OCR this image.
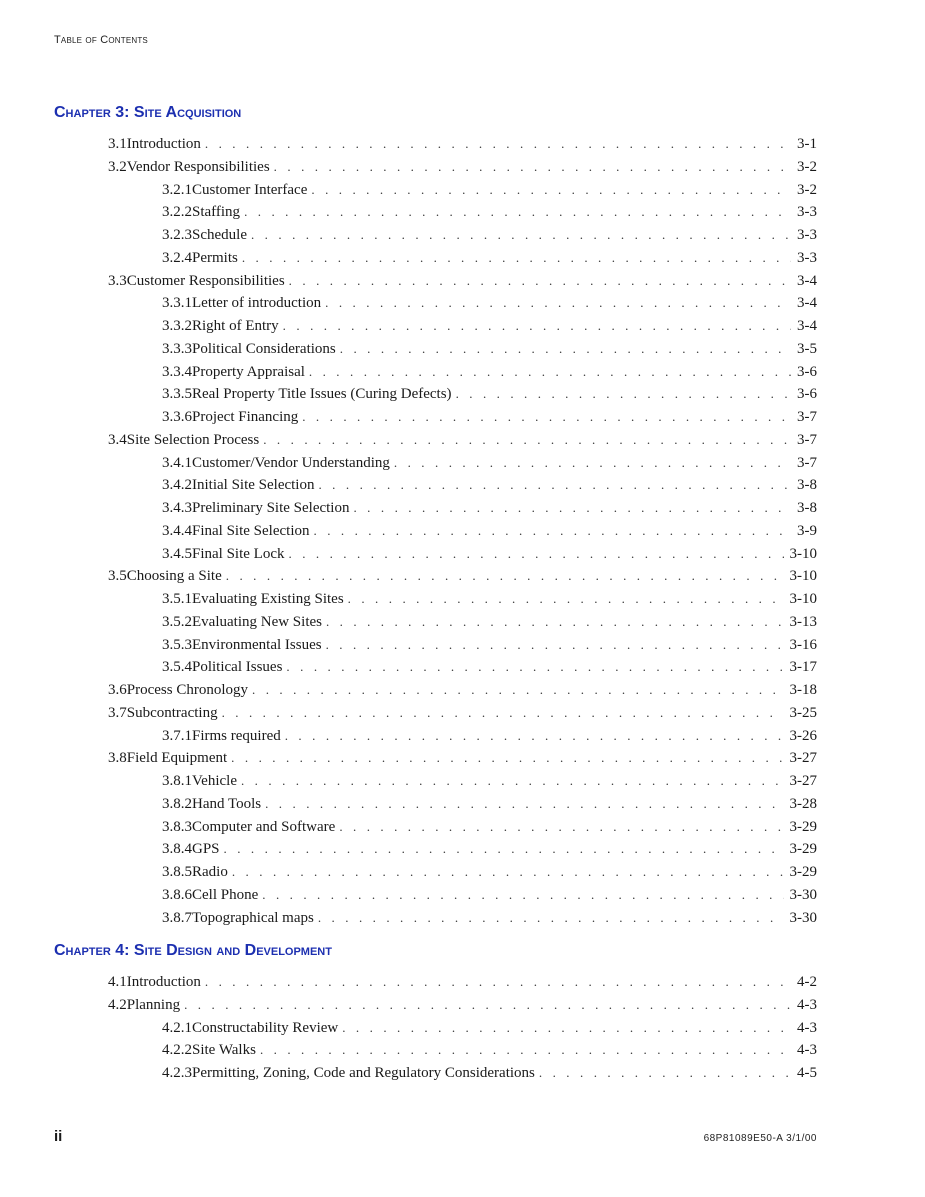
Table of Contents
Chapter 3: Site Acquisition
3.1 Introduction . . .	3-1
3.2 Vendor Responsibilities . . .	3-2
3.2.1 Customer Interface . . .	3-2
3.2.2 Staffing . . .	3-3
3.2.3 Schedule . . .	3-3
3.2.4 Permits . . .	3-3
3.3 Customer Responsibilities . . .	3-4
3.3.1 Letter of introduction . . .	3-4
3.3.2 Right of Entry . . .	3-4
3.3.3 Political Considerations . . .	3-5
3.3.4 Property Appraisal . . .	3-6
3.3.5 Real Property Title Issues (Curing Defects) . . .	3-6
3.3.6 Project Financing . . .	3-7
3.4 Site Selection Process . . .	3-7
3.4.1 Customer/Vendor Understanding . . .	3-7
3.4.2 Initial Site Selection . . .	3-8
3.4.3 Preliminary Site Selection . . .	3-8
3.4.4 Final Site Selection . . .	3-9
3.4.5 Final Site Lock . . .	3-10
3.5 Choosing a Site . . .	3-10
3.5.1 Evaluating Existing Sites . . .	3-10
3.5.2 Evaluating New Sites . . .	3-13
3.5.3 Environmental Issues . . .	3-16
3.5.4 Political Issues . . .	3-17
3.6 Process Chronology . . .	3-18
3.7 Subcontracting . . .	3-25
3.7.1 Firms required . . .	3-26
3.8 Field Equipment . . .	3-27
3.8.1 Vehicle . . .	3-27
3.8.2 Hand Tools . . .	3-28
3.8.3 Computer and Software . . .	3-29
3.8.4 GPS . . .	3-29
3.8.5 Radio . . .	3-29
3.8.6 Cell Phone . . .	3-30
3.8.7 Topographical maps . . .	3-30
Chapter 4: Site Design and Development
4.1 Introduction . . .	4-2
4.2 Planning . . .	4-3
4.2.1 Constructability Review . . .	4-3
4.2.2 Site Walks . . .	4-3
4.2.3 Permitting, Zoning, Code and Regulatory Considerations . . .	4-5
ii	68P81089E50-A 3/1/00
